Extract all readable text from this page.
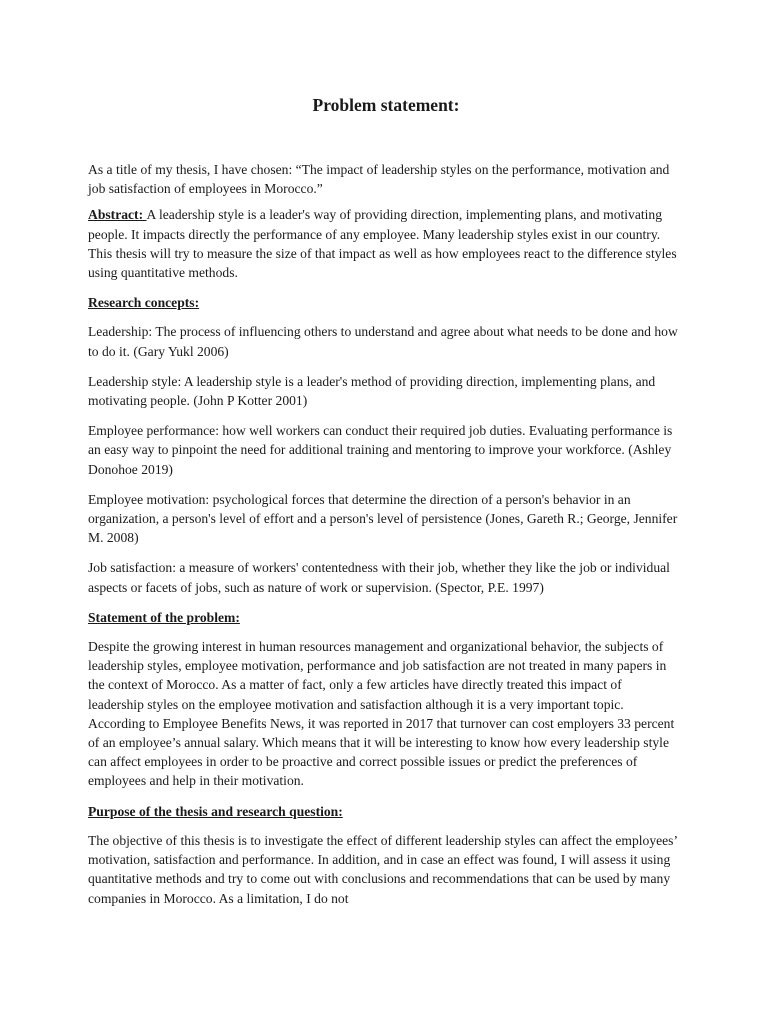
Problem statement:

As a title of my thesis, I have chosen: “The impact of leadership styles on the performance, motivation and job satisfaction of employees in Morocco.”

Abstract: A leadership style is a leader's way of providing direction, implementing plans, and motivating people. It impacts directly the performance of any employee. Many leadership styles exist in our country. This thesis will try to measure the size of that impact as well as how employees react to the difference styles using quantitative methods.

Research concepts:

Leadership: The process of influencing others to understand and agree about what needs to be done and how to do it. (Gary Yukl 2006)

Leadership style: A leadership style is a leader's method of providing direction, implementing plans, and motivating people. (John P Kotter 2001)

Employee performance: how well workers can conduct their required job duties. Evaluating performance is an easy way to pinpoint the need for additional training and mentoring to improve your workforce. (Ashley Donohoe 2019)

Employee motivation: psychological forces that determine the direction of a person's behavior in an organization, a person's level of effort and a person's level of persistence (Jones, Gareth R.; George, Jennifer M. 2008)

Job satisfaction: a measure of workers' contentedness with their job, whether they like the job or individual aspects or facets of jobs, such as nature of work or supervision. (Spector, P.E. 1997)

Statement of the problem:

Despite the growing interest in human resources management and organizational behavior, the subjects of leadership styles, employee motivation, performance and job satisfaction are not treated in many papers in the context of Morocco. As a matter of fact, only a few articles have directly treated this impact of leadership styles on the employee motivation and satisfaction although it is a very important topic. According to Employee Benefits News, it was reported in 2017 that turnover can cost employers 33 percent of an employee’s annual salary. Which means that it will be interesting to know how every leadership style can affect employees in order to be proactive and correct possible issues or predict the preferences of employees and help in their motivation.

Purpose of the thesis and research question:

The objective of this thesis is to investigate the effect of different leadership styles can affect the employees’ motivation, satisfaction and performance. In addition, and in case an effect was found, I will assess it using quantitative methods and try to come out with conclusions and recommendations that can be used by many companies in Morocco. As a limitation, I do not
